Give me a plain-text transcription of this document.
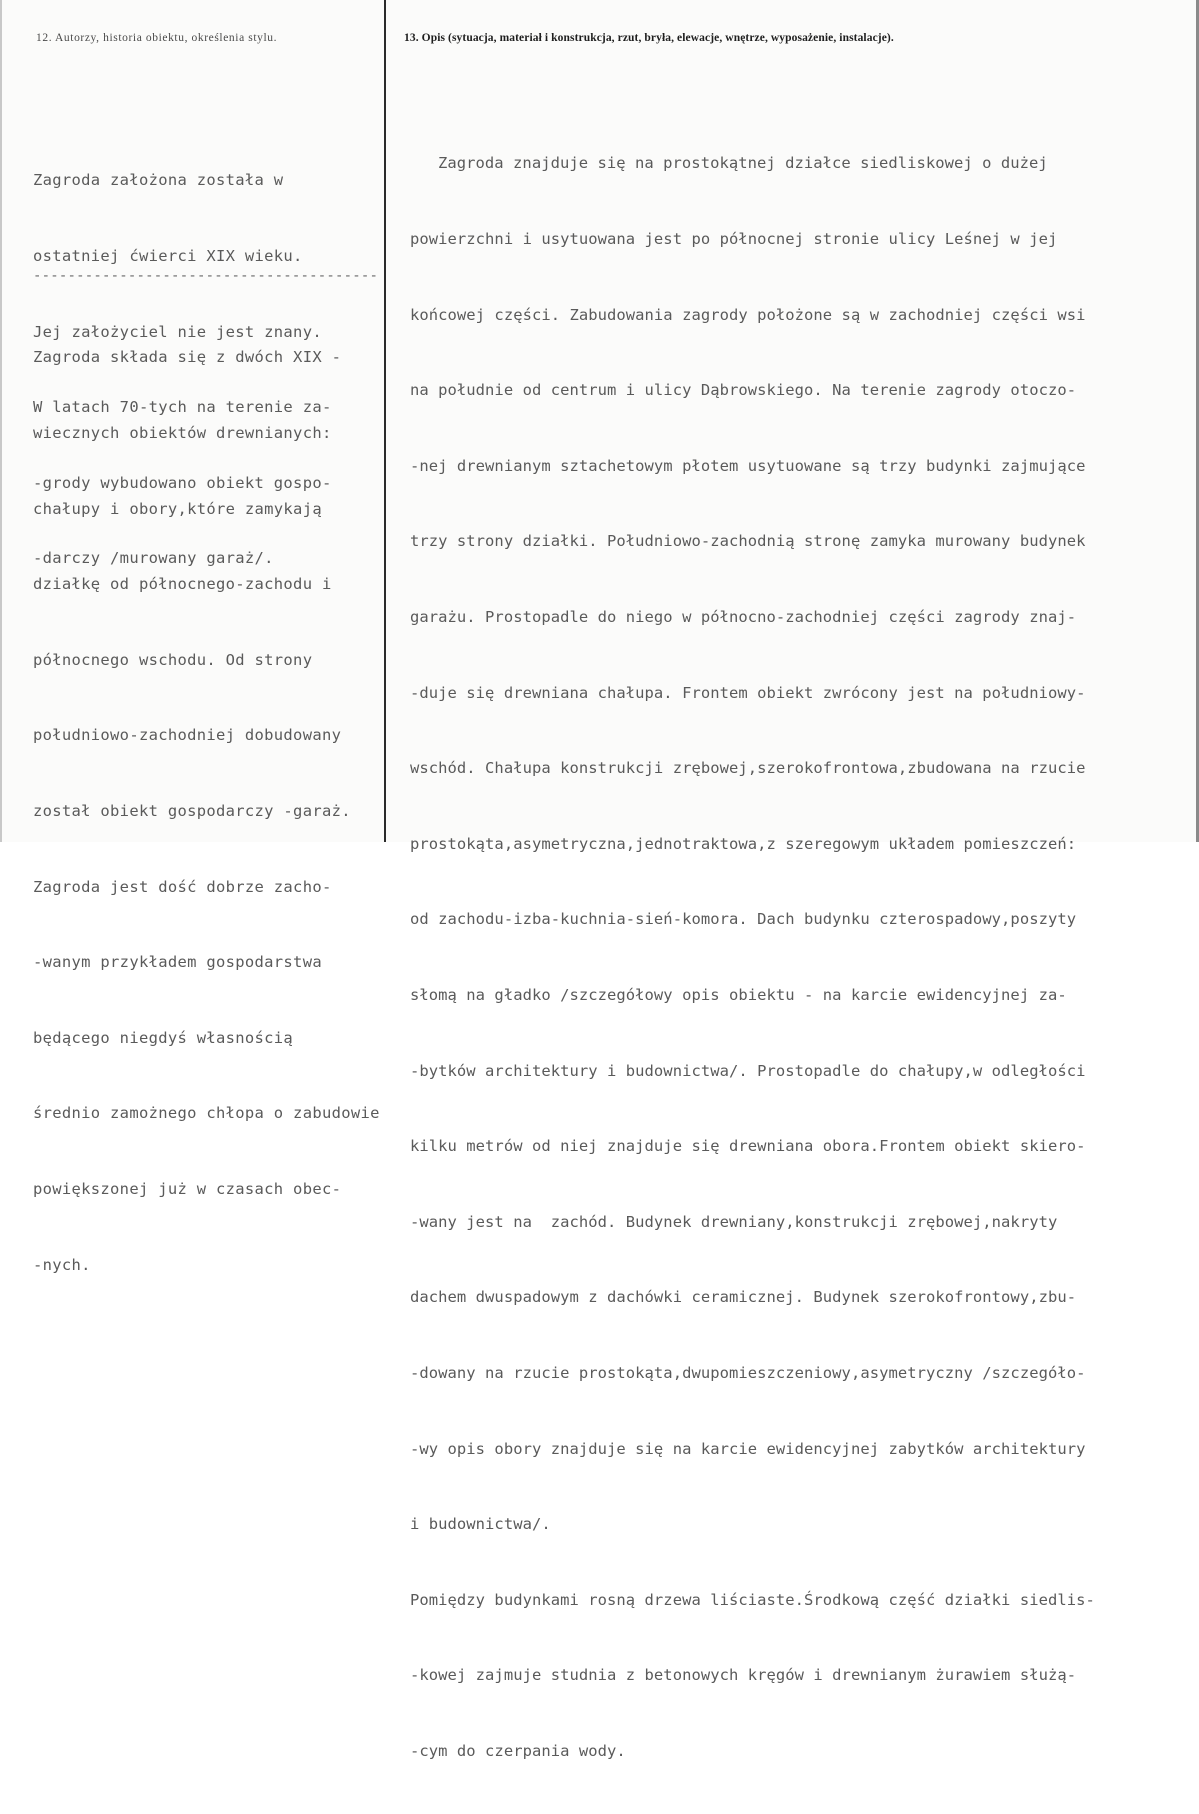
12. Autorzy, historia obiektu, określenia stylu.	13. Opis (sytuacja, materiał i konstrukcja, rzut, bryła, elewacje, wnętrze, wyposażenie, instalacje).

Zagroda założona została w

ostatniej ćwierci XIX wieku.

Jej założyciel nie jest znany.

W latach 70-tych na terenie za-

-grody wybudowano obiekt gospo-

-darczy /murowany garaż/.

----------------------------------------

Zagroda składa się z dwóch XIX -

wiecznych obiektów drewnianych:

chałupy i obory,które zamykają

działkę od północnego-zachodu i

północnego wschodu. Od strony

południowo-zachodniej dobudowany

został obiekt gospodarczy -garaż.

Zagroda jest dość dobrze zacho-

-wanym przykładem gospodarstwa

będącego niegdyś własnością

średnio zamożnego chłopa o zabudowie

powiększonej już w czasach obec-

-nych.

Zagroda znajduje się na prostokątnej działce siedliskowej o dużej

powierzchni i usytuowana jest po północnej stronie ulicy Leśnej w jej

końcowej części. Zabudowania zagrody położone są w zachodniej części wsi

na południe od centrum i ulicy Dąbrowskiego. Na terenie zagrody otoczo-

-nej drewnianym sztachetowym płotem usytuowane są trzy budynki zajmujące

trzy strony działki. Południowo-zachodnią stronę zamyka murowany budynek

garażu. Prostopadle do niego w północno-zachodniej części zagrody znaj-

-duje się drewniana chałupa. Frontem obiekt zwrócony jest na południowy-

wschód. Chałupa konstrukcji zrębowej,szerokofrontowa,zbudowana na rzucie

prostokąta,asymetryczna,jednotraktowa,z szeregowym układem pomieszczeń:

od zachodu-izba-kuchnia-sień-komora. Dach budynku czterospadowy,poszyty

słomą na gładko /szczegółowy opis obiektu - na karcie ewidencyjnej za-

-bytków architektury i budownictwa/. Prostopadle do chałupy,w odległości

kilku metrów od niej znajduje się drewniana obora.Frontem obiekt skiero-

-wany jest na  zachód. Budynek drewniany,konstrukcji zrębowej,nakryty

dachem dwuspadowym z dachówki ceramicznej. Budynek szerokofrontowy,zbu-

-dowany na rzucie prostokąta,dwupomieszczeniowy,asymetryczny /szczegóło-

-wy opis obory znajduje się na karcie ewidencyjnej zabytków architektury

i budownictwa/.

Pomiędzy budynkami rosną drzewa liściaste.Środkową część działki siedlis-

-kowej zajmuje studnia z betonowych kręgów i drewnianym żurawiem służą-

-cym do czerpania wody.
